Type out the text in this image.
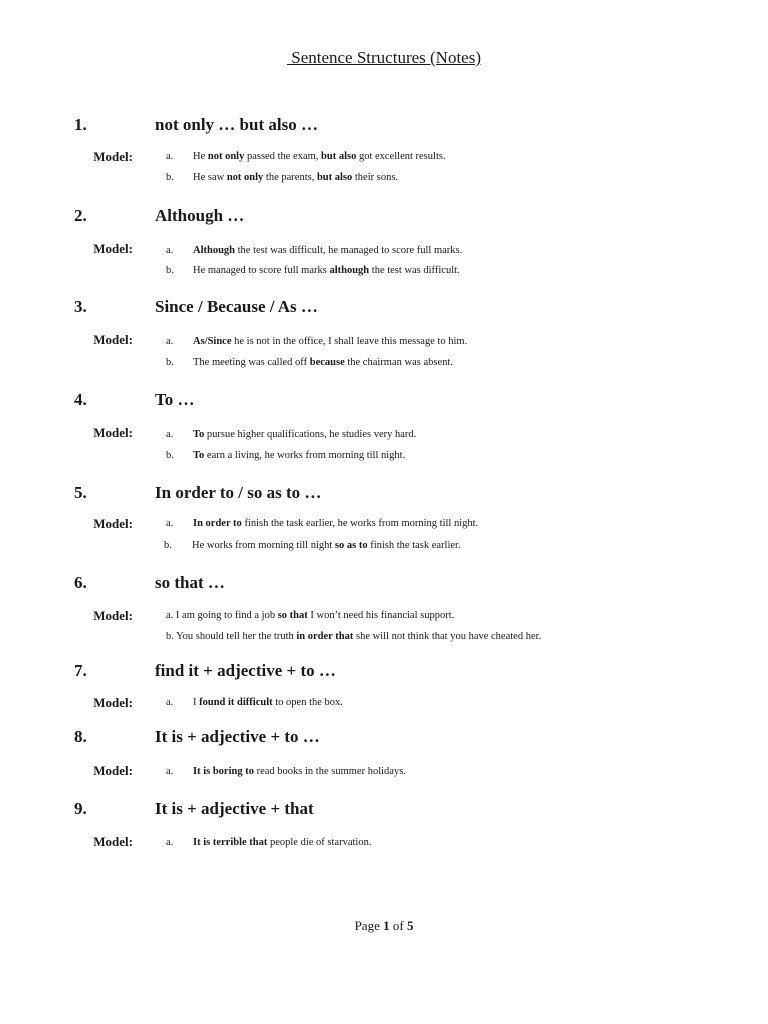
Sentence Structures (Notes)
1.	not only … but also …
Model:	a. He not only passed the exam, but also got excellent results.
b. He saw not only the parents, but also their sons.
2.	Although …
Model:	a. Although the test was difficult, he managed to score full marks.
b. He managed to score full marks although the test was difficult.
3.	Since / Because / As …
Model:	a. As/Since he is not in the office, I shall leave this message to him.
b. The meeting was called off because the chairman was absent.
4.	To …
Model:	a. To pursue higher qualifications, he studies very hard.
b. To earn a living, he works from morning till night.
5.	In order to / so as to …
Model:	a. In order to finish the task earlier, he works from morning till night.
b. He works from morning till night so as to finish the task earlier.
6.	so that …
Model:	a. I am going to find a job so that I won’t need his financial support.
b. You should tell her the truth in order that she will not think that you have cheated her.
7.	find it + adjective + to …
Model:	a. I found it difficult to open the box.
8.	It is + adjective + to …
Model:	a. It is boring to read books in the summer holidays.
9.	It is + adjective + that
Model:	a. It is terrible that people die of starvation.
Page 1 of 5
